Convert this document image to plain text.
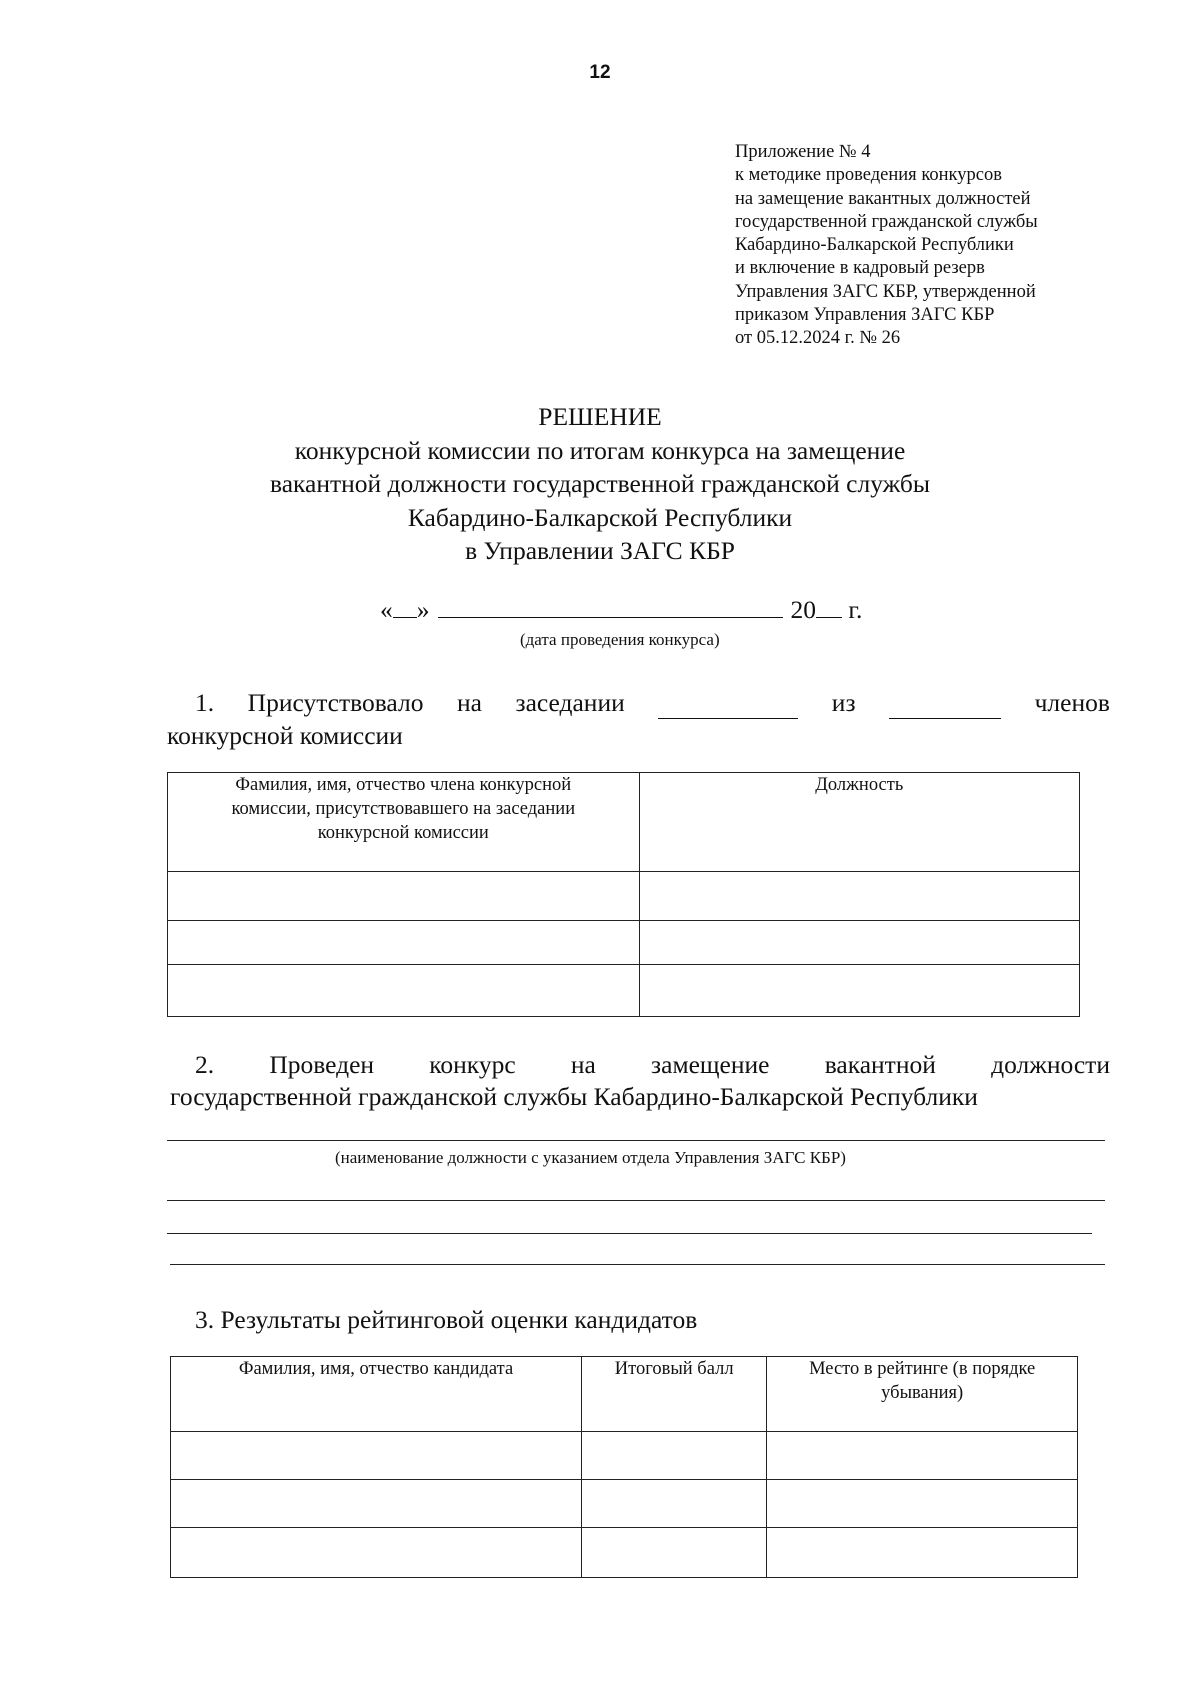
12
Приложение № 4
к методике проведения конкурсов
на замещение вакантных должностей
государственной гражданской службы
Кабардино-Балкарской Республики
и включение в кадровый резерв
Управления ЗАГС КБР, утвержденной
приказом Управления ЗАГС КБР
от 05.12.2024 г. № 26
РЕШЕНИЕ
конкурсной комиссии по итогам конкурса на замещение
вакантной должности государственной гражданской службы
Кабардино-Балкарской Республики
в Управлении ЗАГС КБР
« »	20 г.
(дата проведения конкурса)
1. Присутствовало на заседании
	из
	членов
конкурсной комиссии
Фамилия, имя, отчество члена конкурсной
комиссии, присутствовавшего на заседании
конкурсной комиссии	Должность

2. Проведен конкурс на замещение вакантной должности
государственной гражданской службы Кабардино-Балкарской Республики
(наименование должности с указанием отдела Управления ЗАГС КБР)
3. Результаты рейтинговой оценки кандидатов
Фамилия, имя, отчество кандидата	Итоговый балл	Место в рейтинге (в порядке
убывания)
